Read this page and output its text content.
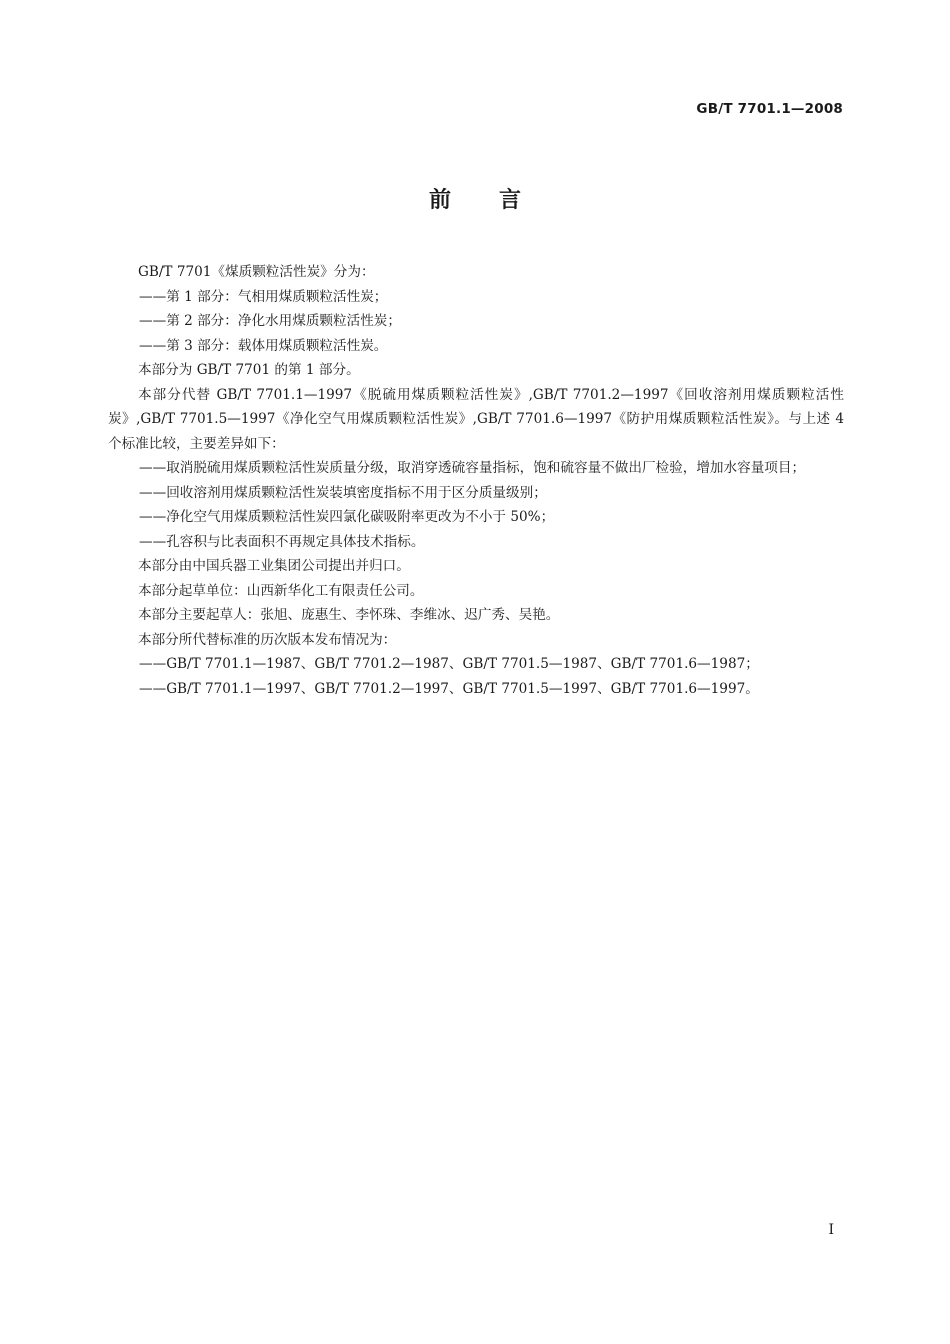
GB/T 7701.1—2008
前言

GB/T 7701《煤质颗粒活性炭》分为：

——第 1 部分：气相用煤质颗粒活性炭；

——第 2 部分：净化水用煤质颗粒活性炭；

——第 3 部分：载体用煤质颗粒活性炭。

本部分为 GB/T 7701 的第 1 部分。

本部分代替 GB/T 7701.1—1997《脱硫用煤质颗粒活性炭》,GB/T 7701.2—1997《回收溶剂用煤质颗粒活性炭》,GB/T 7701.5—1997《净化空气用煤质颗粒活性炭》,GB/T 7701.6—1997《防护用煤质颗粒活性炭》。与上述 4 个标准比较，主要差异如下：

——取消脱硫用煤质颗粒活性炭质量分级，取消穿透硫容量指标，饱和硫容量不做出厂检验，增加水容量项目；

——回收溶剂用煤质颗粒活性炭装填密度指标不用于区分质量级别；

——净化空气用煤质颗粒活性炭四氯化碳吸附率更改为不小于 50%；

——孔容积与比表面积不再规定具体技术指标。

本部分由中国兵器工业集团公司提出并归口。

本部分起草单位：山西新华化工有限责任公司。

本部分主要起草人：张旭、庞惠生、李怀珠、李维冰、迟广秀、吴艳。

本部分所代替标准的历次版本发布情况为：

——GB/T 7701.1—1987、GB/T 7701.2—1987、GB/T 7701.5—1987、GB/T 7701.6—1987；

——GB/T 7701.1—1997、GB/T 7701.2—1997、GB/T 7701.5—1997、GB/T 7701.6—1997。

I
